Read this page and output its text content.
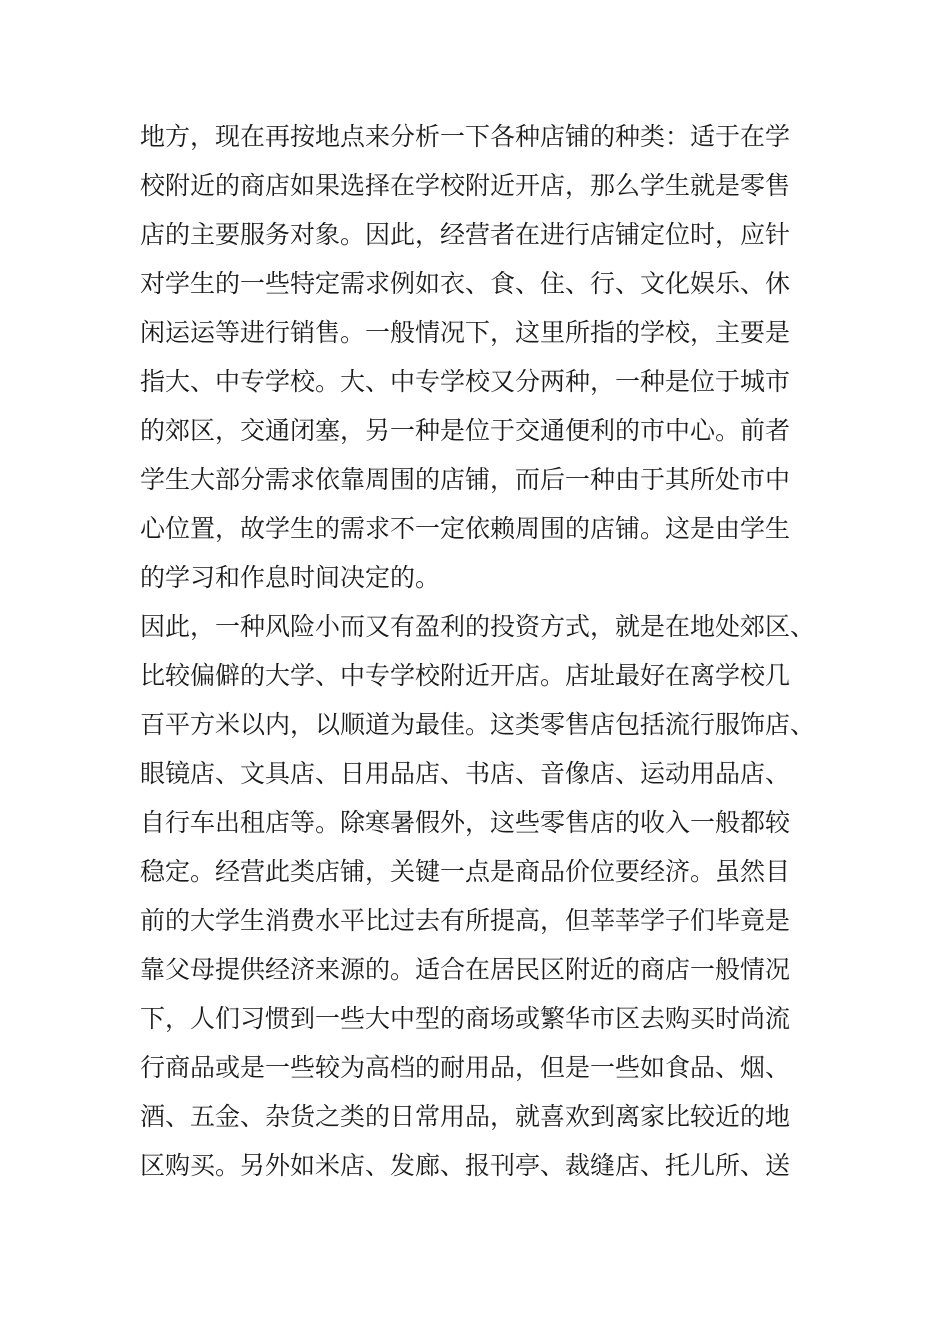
地方，现在再按地点来分析一下各种店铺的种类：适于在学
校附近的商店如果选择在学校附近开店，那么学生就是零售
店的主要服务对象。因此，经营者在进行店铺定位时，应针
对学生的一些特定需求例如衣、食、住、行、文化娱乐、休
闲运运等进行销售。一般情况下，这里所指的学校，主要是
指大、中专学校。大、中专学校又分两种，一种是位于城市
的郊区，交通闭塞，另一种是位于交通便利的市中心。前者
学生大部分需求依靠周围的店铺，而后一种由于其所处市中
心位置，故学生的需求不一定依赖周围的店铺。这是由学生
的学习和作息时间决定的。
因此，一种风险小而又有盈利的投资方式，就是在地处郊区、
比较偏僻的大学、中专学校附近开店。店址最好在离学校几
百平方米以内，以顺道为最佳。这类零售店包括流行服饰店、
眼镜店、文具店、日用品店、书店、音像店、运动用品店、
自行车出租店等。除寒暑假外，这些零售店的收入一般都较
稳定。经营此类店铺，关键一点是商品价位要经济。虽然目
前的大学生消费水平比过去有所提高，但莘莘学子们毕竟是
靠父母提供经济来源的。适合在居民区附近的商店一般情况
下，人们习惯到一些大中型的商场或繁华市区去购买时尚流
行商品或是一些较为高档的耐用品，但是一些如食品、烟、
酒、五金、杂货之类的日常用品，就喜欢到离家比较近的地
区购买。另外如米店、发廊、报刊亭、裁缝店、托儿所、送
